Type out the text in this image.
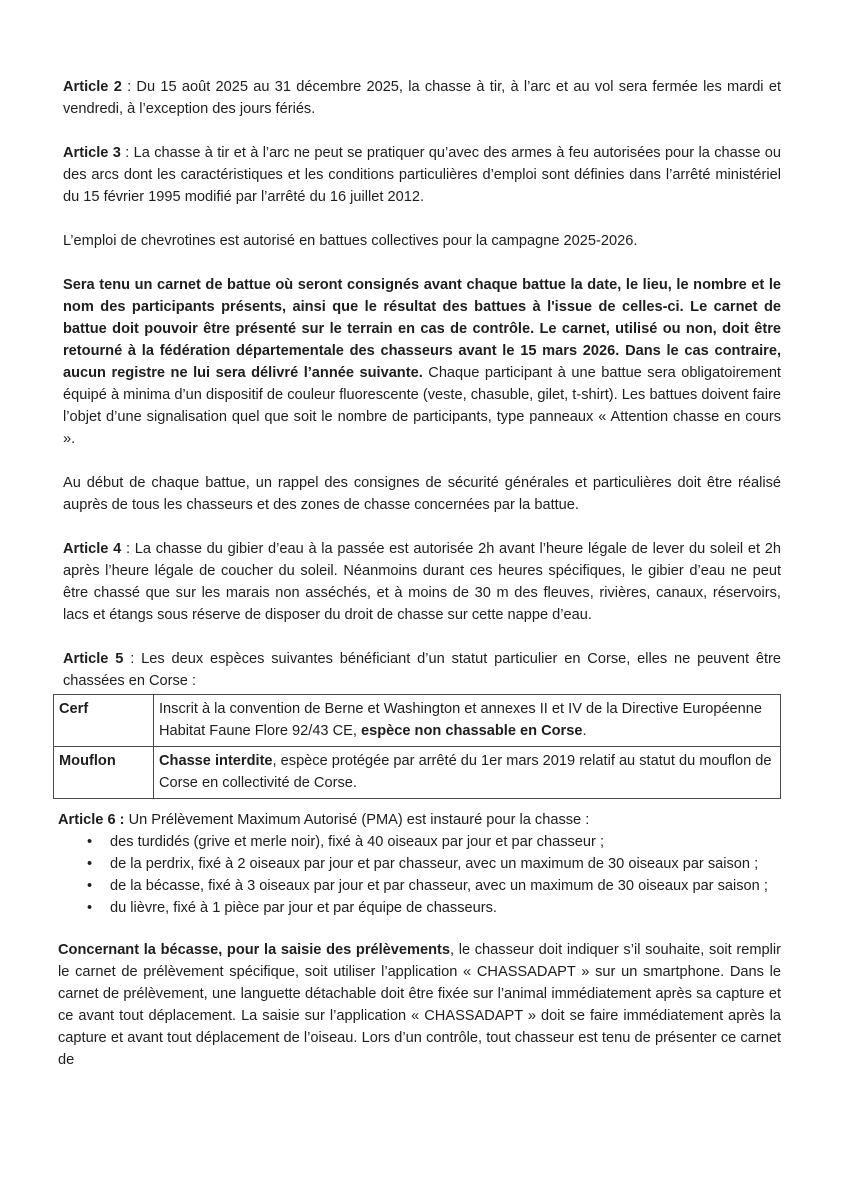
Article 2 : Du 15 août 2025 au 31 décembre 2025, la chasse à tir, à l’arc et au vol sera fermée les mardi et vendredi, à l’exception des jours fériés.

Article 3 : La chasse à tir et à l’arc ne peut se pratiquer qu’avec des armes à feu autorisées pour la chasse ou des arcs dont les caractéristiques et les conditions particulières d’emploi sont définies dans l’arrêté ministériel du 15 février 1995 modifié par l’arrêté du 16 juillet 2012.

L’emploi de chevrotines est autorisé en battues collectives pour la campagne 2025-2026.

Sera tenu un carnet de battue où seront consignés avant chaque battue la date, le lieu, le nombre et le nom des participants présents, ainsi que le résultat des battues à l'issue de celles-ci. Le carnet de battue doit pouvoir être présenté sur le terrain en cas de contrôle. Le carnet, utilisé ou non, doit être retourné à la fédération départementale des chasseurs avant le 15 mars 2026. Dans le cas contraire, aucun registre ne lui sera délivré l’année suivante. Chaque participant à une battue sera obligatoirement équipé à minima d’un dispositif de couleur fluorescente (veste, chasuble, gilet, t-shirt). Les battues doivent faire l’objet d’une signalisation quel que soit le nombre de participants, type panneaux « Attention chasse en cours ».

Au début de chaque battue, un rappel des consignes de sécurité générales et particulières doit être réalisé auprès de tous les chasseurs et des zones de chasse concernées par la battue.

Article 4 : La chasse du gibier d’eau à la passée est autorisée 2h avant l’heure légale de lever du soleil et 2h après l’heure légale de coucher du soleil. Néanmoins durant ces heures spécifiques, le gibier d’eau ne peut être chassé que sur les marais non asséchés, et à moins de 30 m des fleuves, rivières, canaux, réservoirs, lacs et étangs sous réserve de disposer du droit de chasse sur cette nappe d’eau.

Article 5 : Les deux espèces suivantes bénéficiant d’un statut particulier en Corse, elles ne peuvent être chassées en Corse :

Cerf	Inscrit à la convention de Berne et Washington et annexes II et IV de la Directive Européenne Habitat Faune Flore 92/43 CE, espèce non chassable en Corse.
Mouflon	Chasse interdite, espèce protégée par arrêté du 1er mars 2019 relatif au statut du mouflon de Corse en collectivité de Corse.

Article 6 : Un Prélèvement Maximum Autorisé (PMA) est instauré pour la chasse :

• des turdidés (grive et merle noir), fixé à 40 oiseaux par jour et par chasseur ;
• de la perdrix, fixé à 2 oiseaux par jour et par chasseur, avec un maximum de 30 oiseaux par saison ;
• de la bécasse, fixé à 3 oiseaux par jour et par chasseur, avec un maximum de 30 oiseaux par saison ;
• du lièvre, fixé à 1 pièce par jour et par équipe de chasseurs.

Concernant la bécasse, pour la saisie des prélèvements, le chasseur doit indiquer s’il souhaite, soit remplir le carnet de prélèvement spécifique, soit utiliser l’application « CHASSADAPT » sur un smartphone. Dans le carnet de prélèvement, une languette détachable doit être fixée sur l’animal immédiatement après sa capture et ce avant tout déplacement. La saisie sur l’application « CHASSADAPT » doit se faire immédiatement après la capture et avant tout déplacement de l’oiseau. Lors d’un contrôle, tout chasseur est tenu de présenter ce carnet de
